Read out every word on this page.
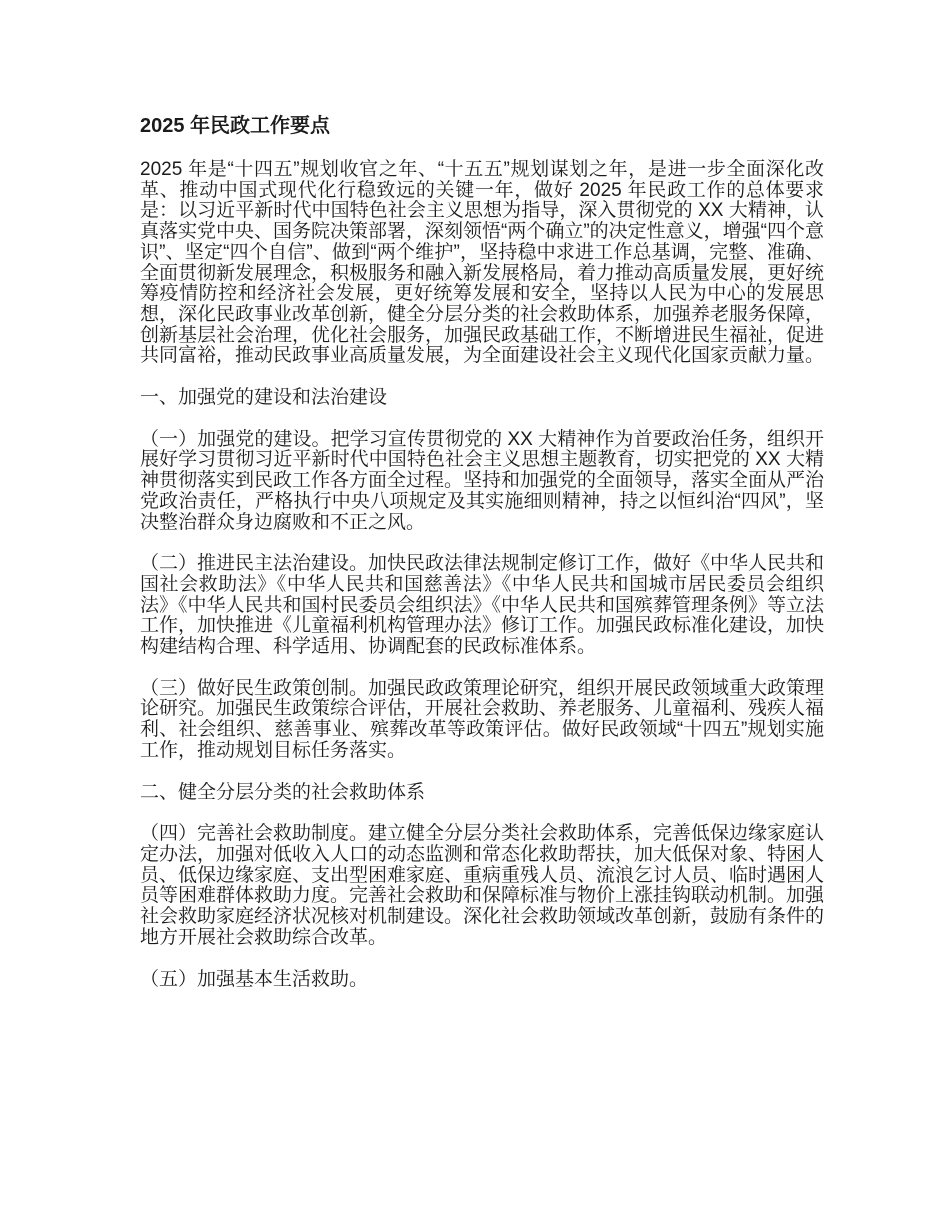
2025 年民政工作要点

2025 年是“十四五”规划收官之年、“十五五”规划谋划之年，是进一步全面深化改革、推动中国式现代化行稳致远的关键一年，做好 2025 年民政工作的总体要求是：以习近平新时代中国特色社会主义思想为指导，深入贯彻党的 XX 大精神，认真落实党中央、国务院决策部署，深刻领悟“两个确立”的决定性意义，增强“四个意识”、坚定“四个自信”、做到“两个维护”，坚持稳中求进工作总基调，完整、准确、全面贯彻新发展理念，积极服务和融入新发展格局，着力推动高质量发展，更好统筹疫情防控和经济社会发展，更好统筹发展和安全，坚持以人民为中心的发展思想，深化民政事业改革创新，健全分层分类的社会救助体系，加强养老服务保障，创新基层社会治理，优化社会服务，加强民政基础工作，不断增进民生福祉，促进共同富裕，推动民政事业高质量发展，为全面建设社会主义现代化国家贡献力量。

一、加强党的建设和法治建设

（一）加强党的建设。把学习宣传贯彻党的 XX 大精神作为首要政治任务，组织开展好学习贯彻习近平新时代中国特色社会主义思想主题教育，切实把党的 XX 大精神贯彻落实到民政工作各方面全过程。坚持和加强党的全面领导，落实全面从严治党政治责任，严格执行中央八项规定及其实施细则精神，持之以恒纠治“四风”，坚决整治群众身边腐败和不正之风。

（二）推进民主法治建设。加快民政法律法规制定修订工作，做好《中华人民共和国社会救助法》《中华人民共和国慈善法》《中华人民共和国城市居民委员会组织法》《中华人民共和国村民委员会组织法》《中华人民共和国殡葬管理条例》等立法工作，加快推进《儿童福利机构管理办法》修订工作。加强民政标准化建设，加快构建结构合理、科学适用、协调配套的民政标准体系。

（三）做好民生政策创制。加强民政政策理论研究，组织开展民政领域重大政策理论研究。加强民生政策综合评估，开展社会救助、养老服务、儿童福利、残疾人福利、社会组织、慈善事业、殡葬改革等政策评估。做好民政领域“十四五”规划实施工作，推动规划目标任务落实。

二、健全分层分类的社会救助体系

（四）完善社会救助制度。建立健全分层分类社会救助体系，完善低保边缘家庭认定办法，加强对低收入人口的动态监测和常态化救助帮扶，加大低保对象、特困人员、低保边缘家庭、支出型困难家庭、重病重残人员、流浪乞讨人员、临时遇困人员等困难群体救助力度。完善社会救助和保障标准与物价上涨挂钩联动机制。加强社会救助家庭经济状况核对机制建设。深化社会救助领域改革创新，鼓励有条件的地方开展社会救助综合改革。

（五）加强基本生活救助。
